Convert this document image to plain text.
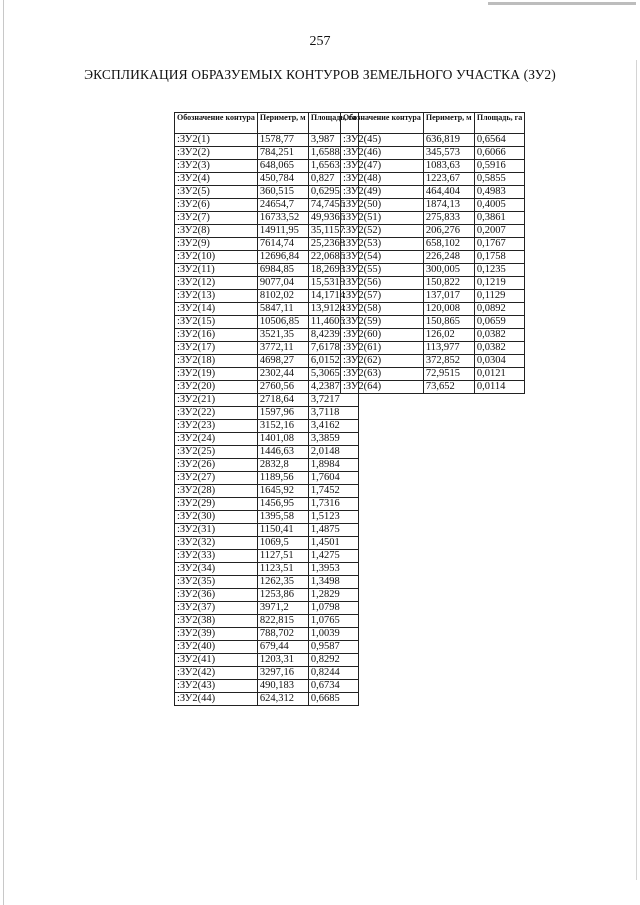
257
ЭКСПЛИКАЦИЯ ОБРАЗУЕМЫХ КОНТУРОВ ЗЕМЕЛЬНОГО УЧАСТКА (ЗУ2)
Обозначение контура	Периметр, м	Площадь, га
:ЗУ2(1)	1578,77	3,987
:ЗУ2(2)	784,251	1,6588
:ЗУ2(3)	648,065	1,6563
:ЗУ2(4)	450,784	0,827
:ЗУ2(5)	360,515	0,6295
:ЗУ2(6)	24654,7	74,7456
:ЗУ2(7)	16733,52	49,9366
:ЗУ2(8)	14911,95	35,1157
:ЗУ2(9)	7614,74	25,2368
:ЗУ2(10)	12696,84	22,0686
:ЗУ2(11)	6984,85	18,2693
:ЗУ2(12)	9077,04	15,5319
:ЗУ2(13)	8102,02	14,1714
:ЗУ2(14)	5847,11	13,9124
:ЗУ2(15)	10506,85	11,4606
:ЗУ2(16)	3521,35	8,4239
:ЗУ2(17)	3772,11	7,6178
:ЗУ2(18)	4698,27	6,0152
:ЗУ2(19)	2302,44	5,3065
:ЗУ2(20)	2760,56	4,2387
:ЗУ2(21)	2718,64	3,7217
:ЗУ2(22)	1597,96	3,7118
:ЗУ2(23)	3152,16	3,4162
:ЗУ2(24)	1401,08	3,3859
:ЗУ2(25)	1446,63	2,0148
:ЗУ2(26)	2832,8	1,8984
:ЗУ2(27)	1189,56	1,7604
:ЗУ2(28)	1645,92	1,7452
:ЗУ2(29)	1456,95	1,7316
:ЗУ2(30)	1395,58	1,5123
:ЗУ2(31)	1150,41	1,4875
:ЗУ2(32)	1069,5	1,4501
:ЗУ2(33)	1127,51	1,4275
:ЗУ2(34)	1123,51	1,3953
:ЗУ2(35)	1262,35	1,3498
:ЗУ2(36)	1253,86	1,2829
:ЗУ2(37)	3971,2	1,0798
:ЗУ2(38)	822,815	1,0765
:ЗУ2(39)	788,702	1,0039
:ЗУ2(40)	679,44	0,9587
:ЗУ2(41)	1203,31	0,8292
:ЗУ2(42)	3297,16	0,8244
:ЗУ2(43)	490,183	0,6734
:ЗУ2(44)	624,312	0,6685
Обозначение контура	Периметр, м	Площадь, га
:ЗУ2(45)	636,819	0,6564
:ЗУ2(46)	345,573	0,6066
:ЗУ2(47)	1083,63	0,5916
:ЗУ2(48)	1223,67	0,5855
:ЗУ2(49)	464,404	0,4983
:ЗУ2(50)	1874,13	0,4005
:ЗУ2(51)	275,833	0,3861
:ЗУ2(52)	206,276	0,2007
:ЗУ2(53)	658,102	0,1767
:ЗУ2(54)	226,248	0,1758
:ЗУ2(55)	300,005	0,1235
:ЗУ2(56)	150,822	0,1219
:ЗУ2(57)	137,017	0,1129
:ЗУ2(58)	120,008	0,0892
:ЗУ2(59)	150,865	0,0659
:ЗУ2(60)	126,02	0,0382
:ЗУ2(61)	113,977	0,0382
:ЗУ2(62)	372,852	0,0304
:ЗУ2(63)	72,9515	0,0121
:ЗУ2(64)	73,652	0,0114
